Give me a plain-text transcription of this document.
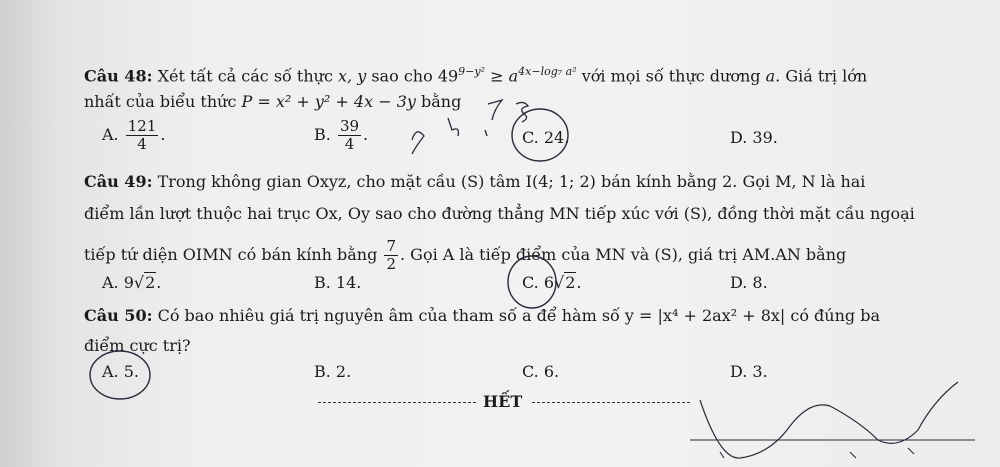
Câu 48: Xét tất cả các số thực x, y sao cho $49^{9-y^2} \ge a^{4x-log_7 a^2}$ với mọi số thực dương a. Giá trị lớn
nhất của biểu thức P = x² + y² + 4x − 3y bằng
A. $\frac{121}{4}$ .	B. $\frac{39}{4}$ .	C. 24.	D. 39.
Câu 49: Trong không gian Oxyz, cho mặt cầu (S) tâm I(4; 1; 2) bán kính bằng 2. Gọi M, N là hai
điểm lần lượt thuộc hai trục Ox, Oy sao cho đường thẳng MN tiếp xúc với (S), đồng thời mặt cầu ngoại
tiếp tứ diện OIMN có bán kính bằng $\frac{7}{2}$ . Gọi A là tiếp điểm của MN và (S), giá trị AM.AN bằng
A. 9√2.	B. 14.	C. 6√2.	D. 8.
Câu 50: Có bao nhiêu giá trị nguyên âm của tham số a để hàm số y = |x⁴ + 2ax² + 8x| có đúng ba
điểm cực trị?
A. 5.	B. 2.	C. 6.	D. 3.
HẾT
